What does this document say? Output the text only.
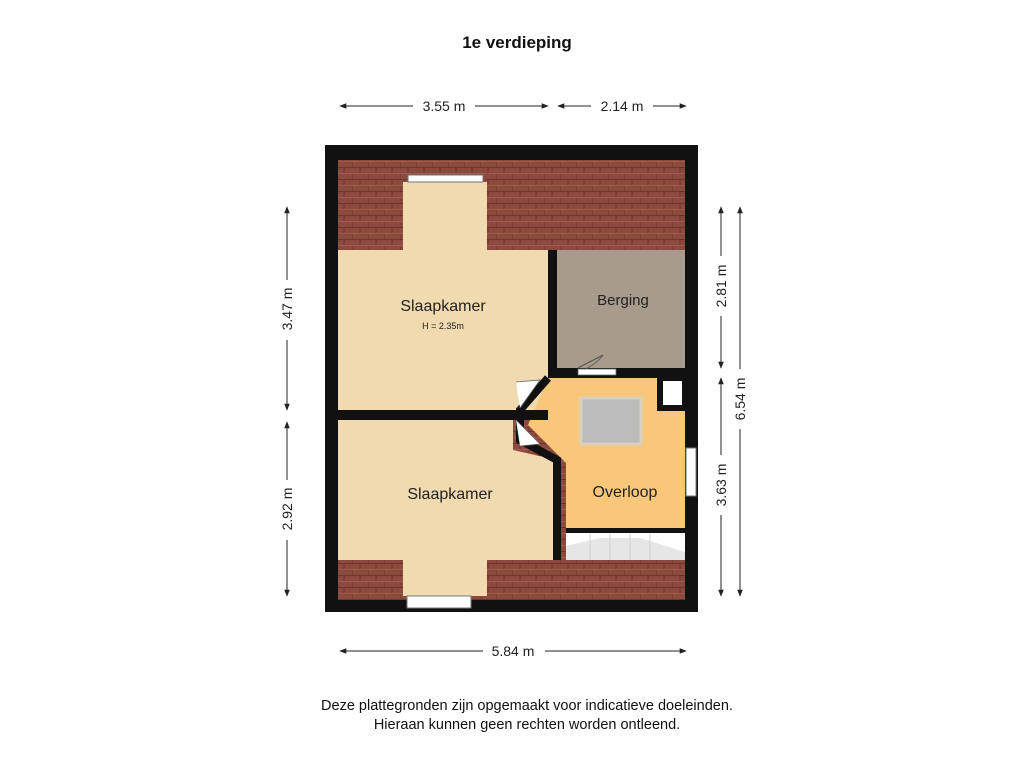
1e verdieping
3.55 m	2.14 m
5.84 m
3.47 m
2.92 m
2.81 m
3.63 m
6.54 m
Slaapkamer
H = 2.35m
Berging
Slaapkamer	Overloop
Deze plattegronden zijn opgemaakt voor indicatieve doeleinden.
Hieraan kunnen geen rechten worden ontleend.
